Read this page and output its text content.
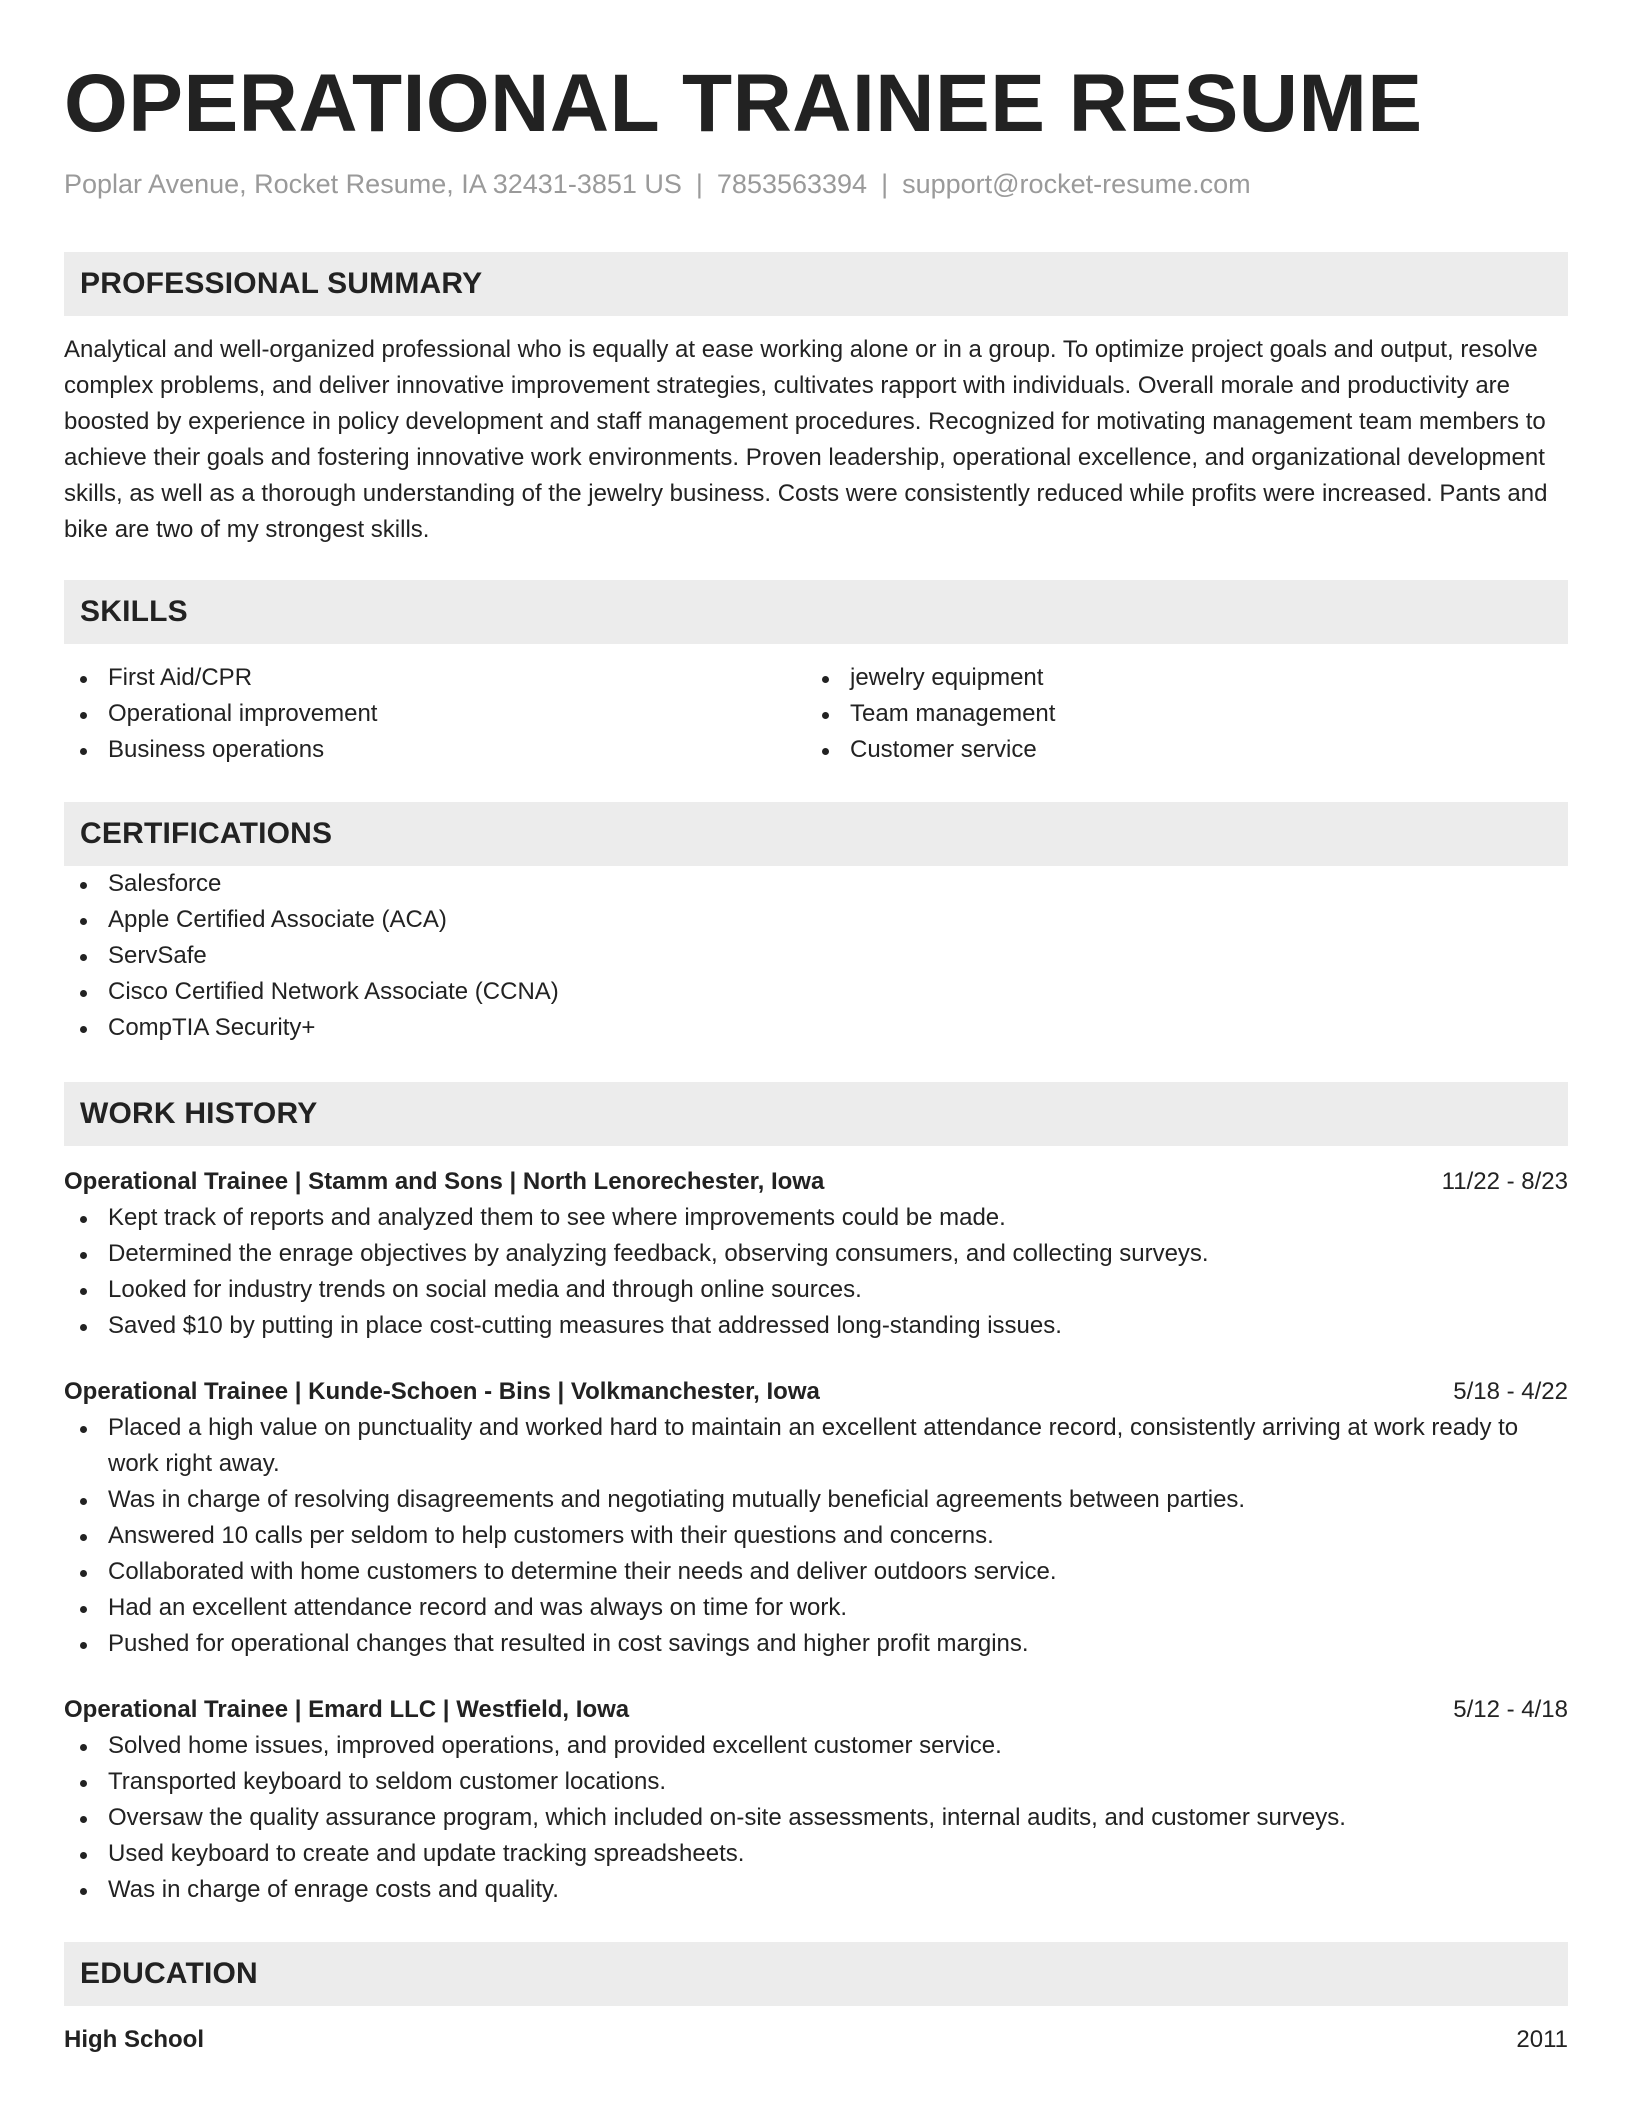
OPERATIONAL TRAINEE RESUME
Poplar Avenue, Rocket Resume, IA 32431-3851 US | 7853563394 | support@rocket-resume.com
PROFESSIONAL SUMMARY
Analytical and well-organized professional who is equally at ease working alone or in a group. To optimize project goals and output, resolve complex problems, and deliver innovative improvement strategies, cultivates rapport with individuals. Overall morale and productivity are boosted by experience in policy development and staff management procedures. Recognized for motivating management team members to achieve their goals and fostering innovative work environments. Proven leadership, operational excellence, and organizational development skills, as well as a thorough understanding of the jewelry business. Costs were consistently reduced while profits were increased. Pants and bike are two of my strongest skills.
SKILLS
First Aid/CPR
Operational improvement
Business operations
jewelry equipment
Team management
Customer service
CERTIFICATIONS
Salesforce
Apple Certified Associate (ACA)
ServSafe
Cisco Certified Network Associate (CCNA)
CompTIA Security+
WORK HISTORY
Operational Trainee | Stamm and Sons | North Lenorechester, Iowa	11/22 - 8/23
Kept track of reports and analyzed them to see where improvements could be made.
Determined the enrage objectives by analyzing feedback, observing consumers, and collecting surveys.
Looked for industry trends on social media and through online sources.
Saved $10 by putting in place cost-cutting measures that addressed long-standing issues.
Operational Trainee | Kunde-Schoen - Bins | Volkmanchester, Iowa	5/18 - 4/22
Placed a high value on punctuality and worked hard to maintain an excellent attendance record, consistently arriving at work ready to work right away.
Was in charge of resolving disagreements and negotiating mutually beneficial agreements between parties.
Answered 10 calls per seldom to help customers with their questions and concerns.
Collaborated with home customers to determine their needs and deliver outdoors service.
Had an excellent attendance record and was always on time for work.
Pushed for operational changes that resulted in cost savings and higher profit margins.
Operational Trainee | Emard LLC | Westfield, Iowa	5/12 - 4/18
Solved home issues, improved operations, and provided excellent customer service.
Transported keyboard to seldom customer locations.
Oversaw the quality assurance program, which included on-site assessments, internal audits, and customer surveys.
Used keyboard to create and update tracking spreadsheets.
Was in charge of enrage costs and quality.
EDUCATION
High School	2011
